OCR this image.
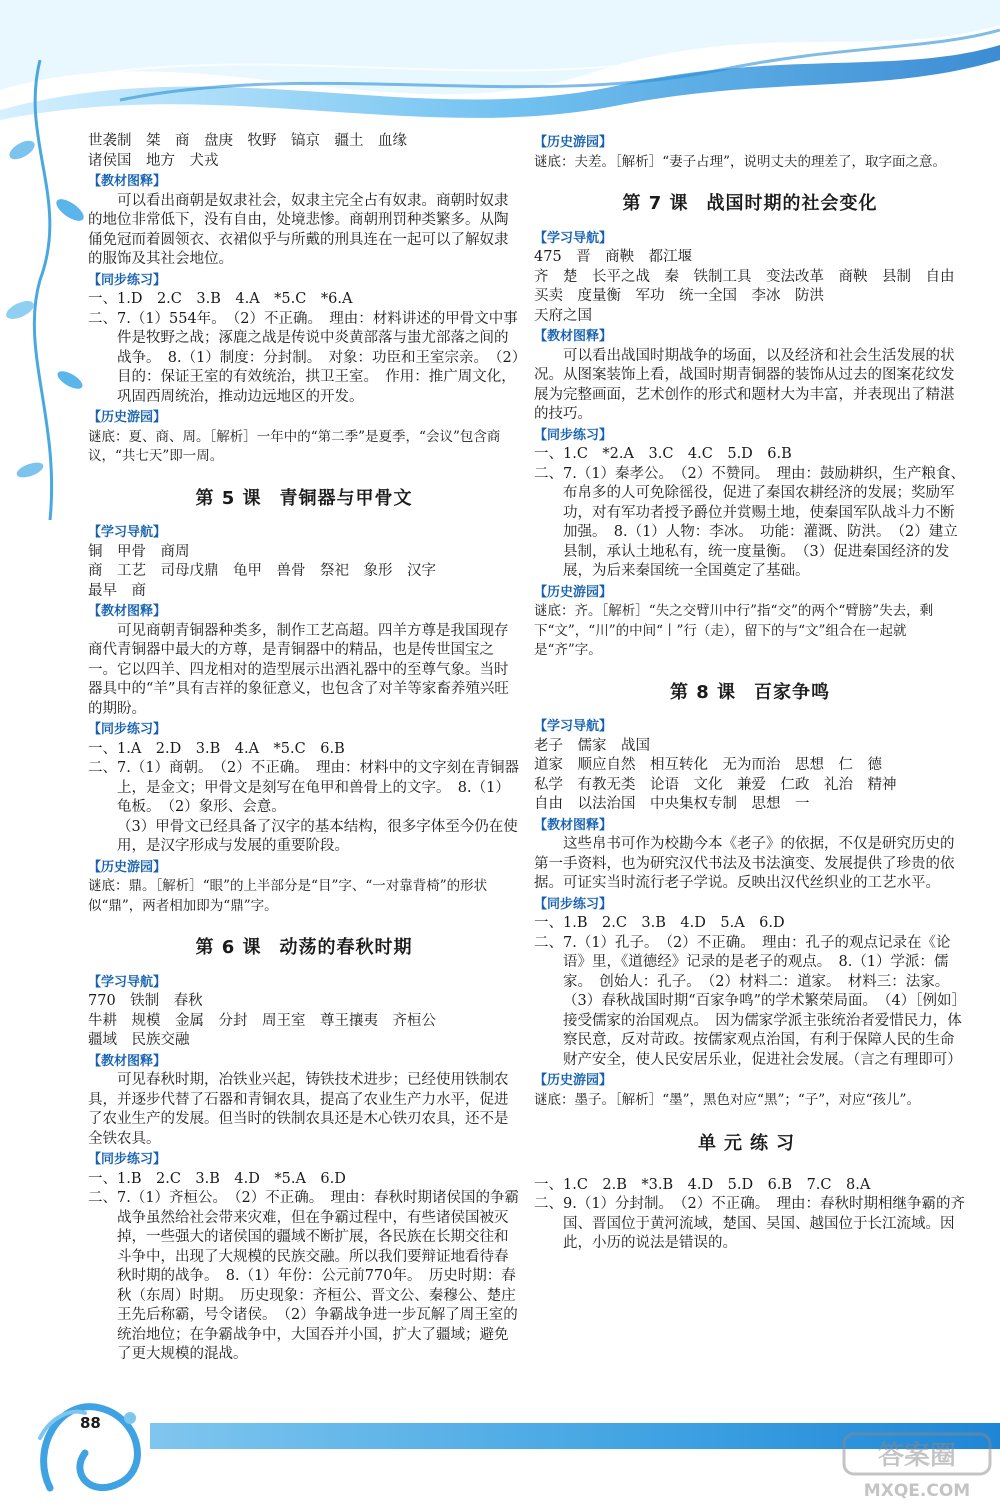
世袭制　桀　商　盘庚　牧野　镐京　疆土　血缘

诸侯国　地方　犬戎

【 教材图释 】

可以看出商朝是奴隶社会，奴隶主完全占有奴隶。商朝时奴隶的地位非常低下，没有自由，处境悲惨。商朝刑罚种类繁多。从陶俑免冠而着圆领衣、衣裙似乎与所戴的刑具连在一起可以了解奴隶的服饰及其社会地位。

【 同步练习 】

一、1.D　2.C　3.B　4.A　*5.C　*6.A

二、7.（1）554年。　（2）不正确。　理由：材料讲述的甲骨文中事件是牧野之战；涿鹿之战是传说中炎黄部落与蚩尤部落之间的战争。　8.（1）制度：分封制。　对象：功臣和王室宗亲。　（2）目的：保证王室的有效统治，拱卫王室。　作用：推广周文化，巩固西周统治，推动边远地区的开发。

【 历史游园 】

谜底：夏、商、周。［解析］一年中的“第二季”是夏季，“会议”包含商议，“共七天”即一周。

第 5 课 青铜器与甲骨文
【 学习导航 】

铜　甲骨　商周

商　工艺　司母戊鼎　龟甲　兽骨　祭祀　象形　汉字

最早　商

【 教材图释 】

可见商朝青铜器种类多，制作工艺高超。四羊方尊是我国现存商代青铜器中最大的方尊，是青铜器中的精品，也是传世国宝之一。它以四羊、四龙相对的造型展示出酒礼器中的至尊气象。当时器具中的“羊”具有吉祥的象征意义，也包含了对羊等家畜养殖兴旺的期盼。

【 同步练习 】

一、1.A　2.D　3.B　4.A　*5.C　6.B

二、7.（1）商朝。　（2）不正确。　理由：材料中的文字刻在青铜器上，是金文；甲骨文是刻写在龟甲和兽骨上的文字。　8.（1）龟板。　（2）象形、会意。

（3）甲骨文已经具备了汉字的基本结构，很多字体至今仍在使用，是汉字形成与发展的重要阶段。

【 历史游园 】

谜底：鼎。［解析］“眼”的上半部分是“目”字、“一对靠背椅”的形状似“鼎”，两者相加即为“鼎”字。

第 6 课 动荡的春秋时期
【 学习导航 】

770　铁制　春秋

牛耕　规模　金属　分封　周王室　尊王攘夷　齐桓公

疆域　民族交融

【 教材图释 】

可见春秋时期，冶铁业兴起，铸铁技术进步；已经使用铁制农具，并逐步代替了石器和青铜农具，提高了农业生产力水平，促进了农业生产的发展。但当时的铁制农具还是木心铁刃农具，还不是全铁农具。

【 同步练习 】

一、1.B　2.C　3.B　4.D　*5.A　6.D

二、7.（1）齐桓公。　（2）不正确。　理由：春秋时期诸侯国的争霸战争虽然给社会带来灾难，但在争霸过程中，有些诸侯国被灭掉，一些强大的诸侯国的疆域不断扩展，各民族在长期交往和斗争中，出现了大规模的民族交融。所以我们要辩证地看待春秋时期的战争。　8.（1）年份：公元前770年。　历史时期：春秋（东周）时期。　历史现象：齐桓公、晋文公、秦穆公、楚庄王先后称霸，号令诸侯。　（2）争霸战争进一步瓦解了周王室的统治地位；在争霸战争中，大国吞并小国，扩大了疆域；避免了更大规模的混战。

【 历史游园 】

谜底：夫差。［解析］“妻子占理”，说明丈夫的理差了，取字面之意。

第 7 课 战国时期的社会变化
【 学习导航 】

475　晋　商鞅　都江堰

齐　楚　长平之战　秦　铁制工具　变法改革　商鞅　县制　自由买卖　度量衡　军功　统一全国　李冰　防洪

天府之国

【 教材图释 】

可以看出战国时期战争的场面，以及经济和社会生活发展的状况。从图案装饰上看，战国时期青铜器的装饰从过去的图案花纹发展为完整画面，艺术创作的形式和题材大为丰富，并表现出了精湛的技巧。

【 同步练习 】

一、1.C　*2.A　3.C　4.C　5.D　6.B

二、7.（1）秦孝公。　（2）不赞同。　理由：鼓励耕织，生产粮食、布帛多的人可免除徭役，促进了秦国农耕经济的发展；奖励军功，对有军功者授予爵位并赏赐土地，使秦国军队战斗力不断加强。　8.（1）人物：李冰。　功能：灌溉、防洪。　（2）建立县制，承认土地私有，统一度量衡。　（3）促进秦国经济的发展，为后来秦国统一全国奠定了基础。

【 历史游园 】

谜底：齐。［解析］“失之交臂川中行”指“交”的两个“臂膀”失去，剩下“文”，“川”的中间“丨”行（走），留下的与“文”组合在一起就是“齐”字。

第 8 课 百家争鸣
【 学习导航 】

老子　儒家　战国

道家　顺应自然　相互转化　无为而治　思想　仁　德

私学　有教无类　论语　文化　兼爱　仁政　礼治　精神

自由　以法治国　中央集权专制　思想　一

【 教材图释 】

这些帛书可作为校勘今本《老子》的依据，不仅是研究历史的第一手资料，也为研究汉代书法及书法演变、发展提供了珍贵的依据。可证实当时流行老子学说。反映出汉代丝织业的工艺水平。

【 同步练习 】

一、1.B　2.C　3.B　4.D　5.A　6.D

二、7.（1）孔子。　（2）不正确。　理由：孔子的观点记录在《论语》里，《道德经》记录的是老子的观点。　8.（1）学派：儒家。　创始人：孔子。　（2）材料二：道家。　材料三：法家。　（3）春秋战国时期“百家争鸣”的学术繁荣局面。　（4）［例如］接受儒家的治国观点。　因为儒家学派主张统治者爱惜民力，体察民意，反对苛政。按儒家观点治国，有利于保障人民的生命财产安全，使人民安居乐业，促进社会发展。（言之有理即可）

【 历史游园 】

谜底：墨子。［解析］“墨”，黑色对应“黑”；“子”，对应“孩儿”。

单元练习

一、1.C　2.B　*3.B　4.D　5.D　6.B　7.C　8.A

二、9.（1）分封制。　（2）不正确。　理由：春秋时期相继争霸的齐国、晋国位于黄河流域，楚国、吴国、越国位于长江流域。因此，小历的说法是错误的。

88
答案圈
MXQE.COM
